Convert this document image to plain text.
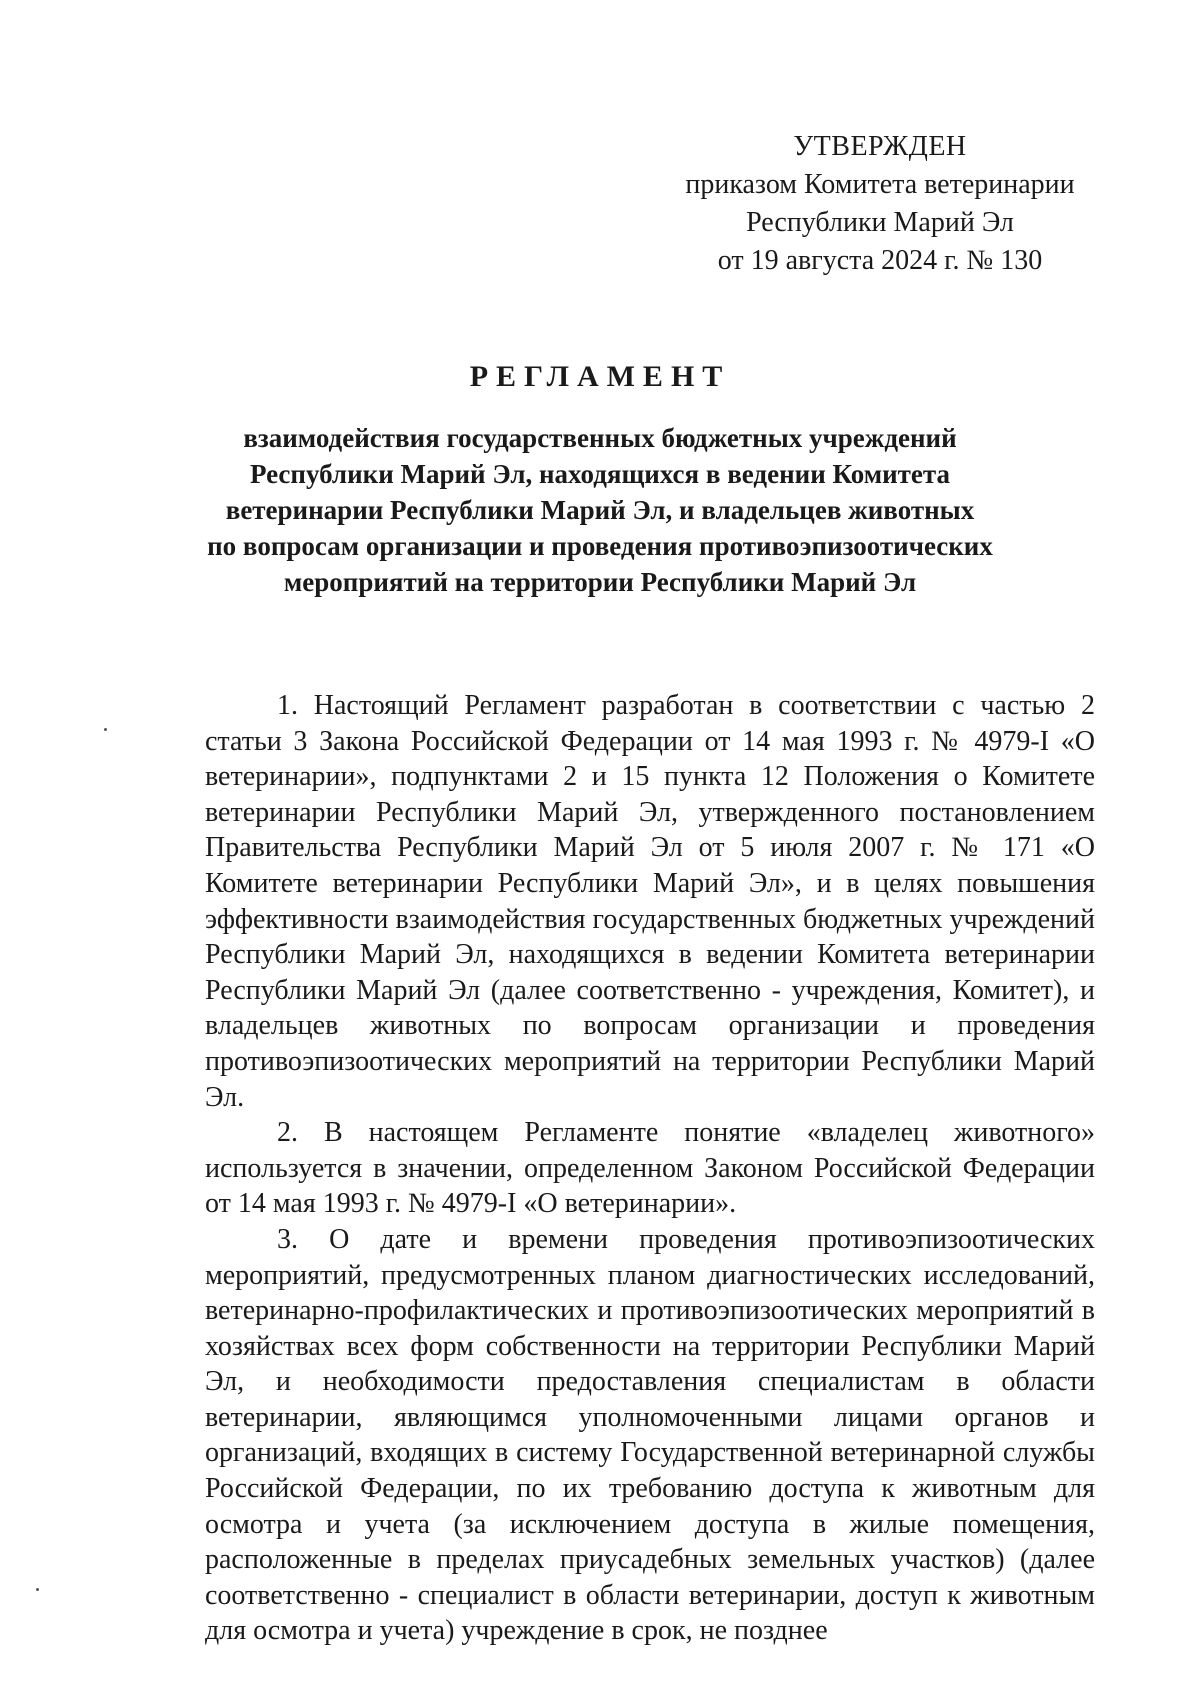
УТВЕРЖДЕН
приказом Комитета ветеринарии
Республики Марий Эл
от 19 августа 2024 г. № 130
РЕГЛАМЕНТ
взаимодействия государственных бюджетных учреждений
Республики Марий Эл, находящихся в ведении Комитета
ветеринарии Республики Марий Эл, и владельцев животных
по вопросам организации и проведения противоэпизоотических
мероприятий на территории Республики Марий Эл

1. Настоящий Регламент разработан в соответствии с частью 2 статьи 3 Закона Российской Федерации от 14 мая 1993 г. № 4979-I «О ветеринарии», подпунктами 2 и 15 пункта 12 Положения о Комитете ветеринарии Республики Марий Эл, утвержденного постановлением Правительства Республики Марий Эл от 5 июля 2007 г. № 171 «О Комитете ветеринарии Республики Марий Эл», и в целях повышения эффективности взаимодействия государственных бюджетных учреждений Республики Марий Эл, находящихся в ведении Комитета ветеринарии Республики Марий Эл (далее соответственно - учреждения, Комитет), и владельцев животных по вопросам организации и проведения противоэпизоотических мероприятий на территории Республики Марий Эл.

2. В настоящем Регламенте понятие «владелец животного» используется в значении, определенном Законом Российской Федерации от 14 мая 1993 г. № 4979-I «О ветеринарии».

3. О дате и времени проведения противоэпизоотических мероприятий, предусмотренных планом диагностических исследований, ветеринарно-профилактических и противоэпизоотических мероприятий в хозяйствах всех форм собственности на территории Республики Марий Эл, и необходимости предоставления специалистам в области ветеринарии, являющимся уполномоченными лицами органов и организаций, входящих в систему Государственной ветеринарной службы Российской Федерации, по их требованию доступа к животным для осмотра и учета (за исключением доступа в жилые помещения, расположенные в пределах приусадебных земельных участков) (далее соответственно - специалист в области ветеринарии, доступ к животным для осмотра и учета) учреждение в срок, не позднее
